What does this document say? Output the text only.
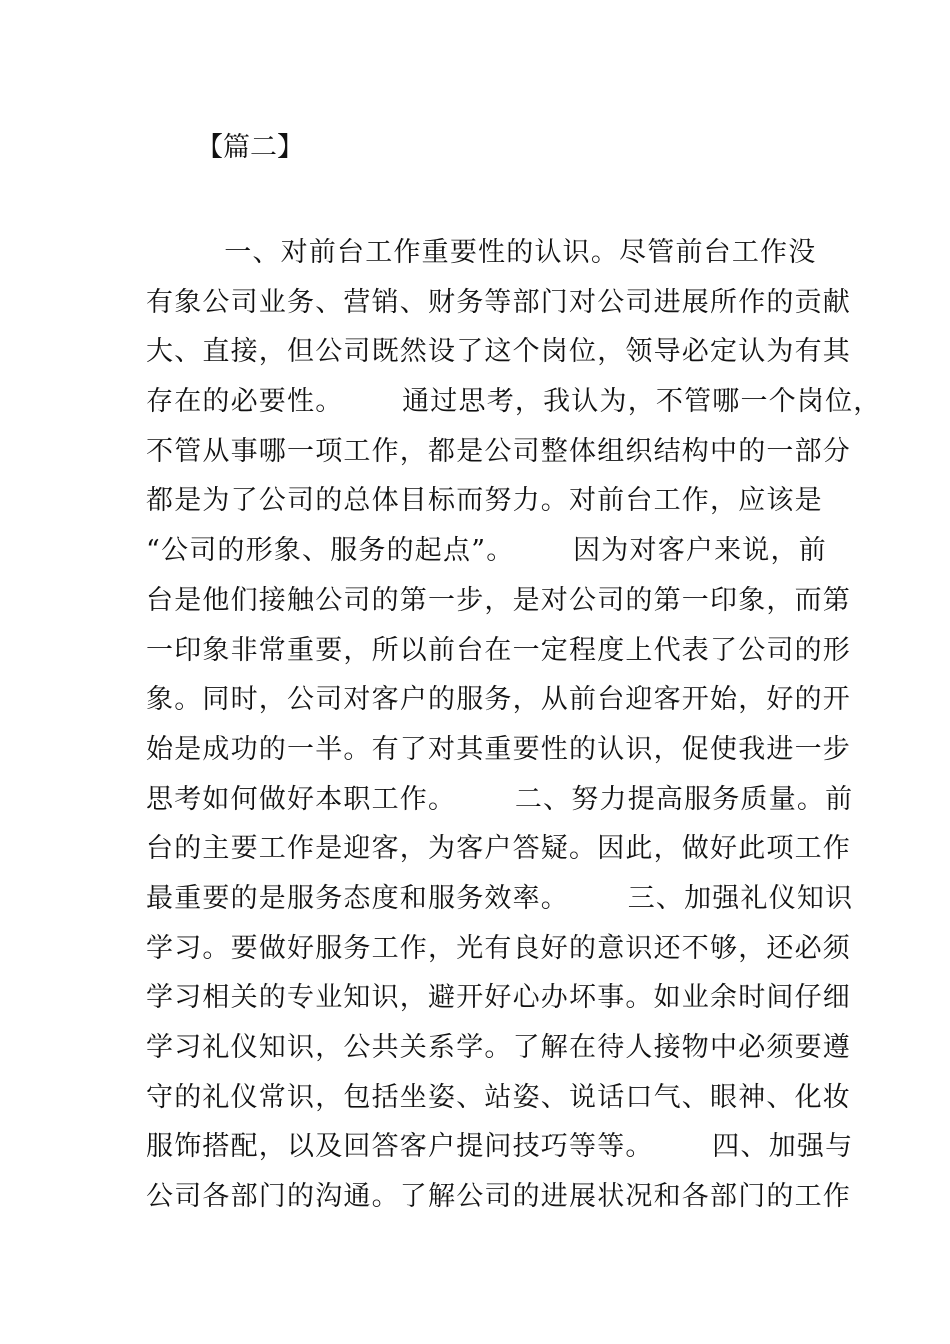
【篇二】
一、对前台工作重要性的认识。尽管前台工作没
有象公司业务、营销、财务等部门对公司进展所作的贡献
大、直接，但公司既然设了这个岗位，领导必定认为有其
存在的必要性。      通过思考，我认为，不管哪一个岗位，
不管从事哪一项工作，都是公司整体组织结构中的一部分
都是为了公司的总体目标而努力。对前台工作，应该是
“公司的形象、服务的起点”。      因为对客户来说，前
台是他们接触公司的第一步，是对公司的第一印象，而第
一印象非常重要，所以前台在一定程度上代表了公司的形
象。同时，公司对客户的服务，从前台迎客开始，好的开
始是成功的一半。有了对其重要性的认识，促使我进一步
思考如何做好本职工作。      二、努力提高服务质量。前
台的主要工作是迎客，为客户答疑。因此，做好此项工作
最重要的是服务态度和服务效率。      三、加强礼仪知识
学习。要做好服务工作，光有良好的意识还不够，还必须
学习相关的专业知识，避开好心办坏事。如业余时间仔细
学习礼仪知识，公共关系学。了解在待人接物中必须要遵
守的礼仪常识，包括坐姿、站姿、说话口气、眼神、化妆
服饰搭配，以及回答客户提问技巧等等。      四、加强与
公司各部门的沟通。了解公司的进展状况和各部门的工作
